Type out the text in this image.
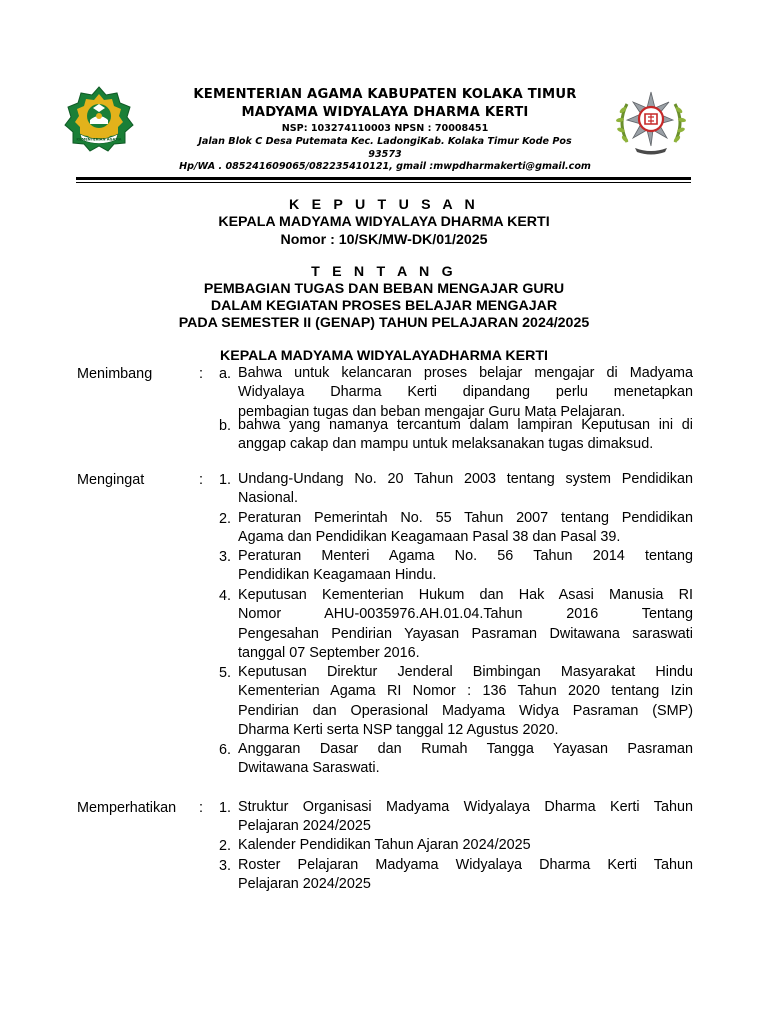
KEMENTERIAN AGAMA
KEMENTERIAN AGAMA KABUPATEN KOLAKA TIMUR
MADYAMA WIDYALAYA DHARMA KERTI
NSP: 103274110003 NPSN : 70008451
Jalan Blok C Desa Putemata Kec. LadongiKab. Kolaka Timur Kode Pos
93573
Hp/WA . 085241609065/082235410121, gmail :mwpdharmakerti@gmail.com
K E P U T U S A N
KEPALA MADYAMA WIDYALAYA DHARMA KERTI
Nomor : 10/SK/MW-DK/01/2025
T E N T A N G
PEMBAGIAN TUGAS DAN BEBAN MENGAJAR GURU
DALAM KEGIATAN PROSES BELAJAR MENGAJAR
PADA SEMESTER II (GENAP) TAHUN PELAJARAN 2024/2025
KEPALA MADYAMA WIDYALAYADHARMA KERTI
Menimbang	:	a. Bahwa untuk kelancaran proses belajar mengajar di Madyama
Widyalaya Dharma Kerti dipandang perlu menetapkan
pembagian tugas dan beban mengajar Guru Mata Pelajaran.
b. bahwa yang namanya tercantum dalam lampiran Keputusan ini di
anggap cakap dan mampu untuk melaksanakan tugas dimaksud.
Mengingat	:	1. Undang-Undang No. 20 Tahun 2003 tentang system Pendidikan
Nasional.
2. Peraturan Pemerintah No. 55 Tahun 2007 tentang Pendidikan
Agama dan Pendidikan Keagamaan Pasal 38 dan Pasal 39.
3. Peraturan Menteri Agama No. 56 Tahun 2014 tentang
Pendidikan Keagamaan Hindu.
4. Keputusan Kementerian Hukum dan Hak Asasi Manusia RI
Nomor AHU-0035976.AH.01.04.Tahun 2016 Tentang
Pengesahan Pendirian Yayasan Pasraman Dwitawana saraswati
tanggal 07 September 2016.
5. Keputusan Direktur Jenderal Bimbingan Masyarakat Hindu
Kementerian Agama RI Nomor : 136 Tahun 2020 tentang Izin
Pendirian dan Operasional Madyama Widya Pasraman (SMP)
Dharma Kerti serta NSP tanggal 12 Agustus 2020.
6. Anggaran Dasar dan Rumah Tangga Yayasan Pasraman
Dwitawana Saraswati.
Memperhatikan :	1. Struktur Organisasi Madyama Widyalaya Dharma Kerti Tahun
Pelajaran 2024/2025
2. Kalender Pendidikan Tahun Ajaran 2024/2025
3. Roster Pelajaran Madyama Widyalaya Dharma Kerti Tahun
Pelajaran 2024/2025
